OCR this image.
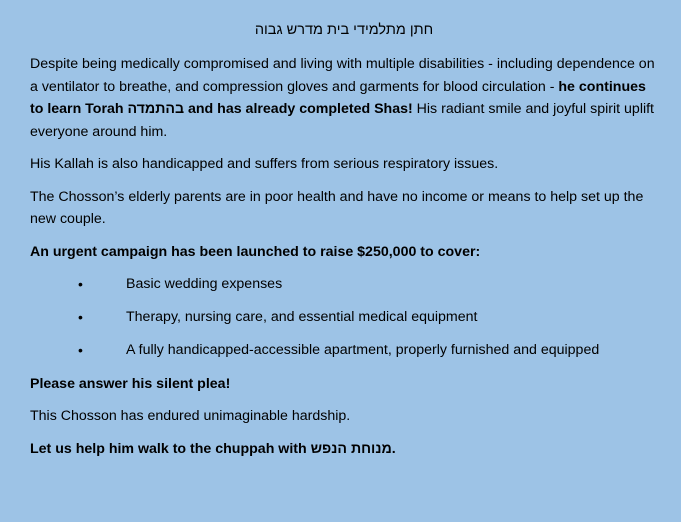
חתן מתלמידי בית מדרש גבוה

Despite being medically compromised and living with multiple disabilities - including dependence on a ventilator to breathe, and compression gloves and garments for blood circulation - he continues to learn Torah בהתמדה and has already completed Shas! His radiant smile and joyful spirit uplift everyone around him.

His Kallah is also handicapped and suffers from serious respiratory issues.

The Chosson’s elderly parents are in poor health and have no income or means to help set up the new couple.

An urgent campaign has been launched to raise $250,000 to cover:

•	Basic wedding expenses
•	Therapy, nursing care, and essential medical equipment
•	A fully handicapped-accessible apartment, properly furnished and equipped

Please answer his silent plea!

This Chosson has endured unimaginable hardship.

Let us help him walk to the chuppah with מנוחת הנפש.
